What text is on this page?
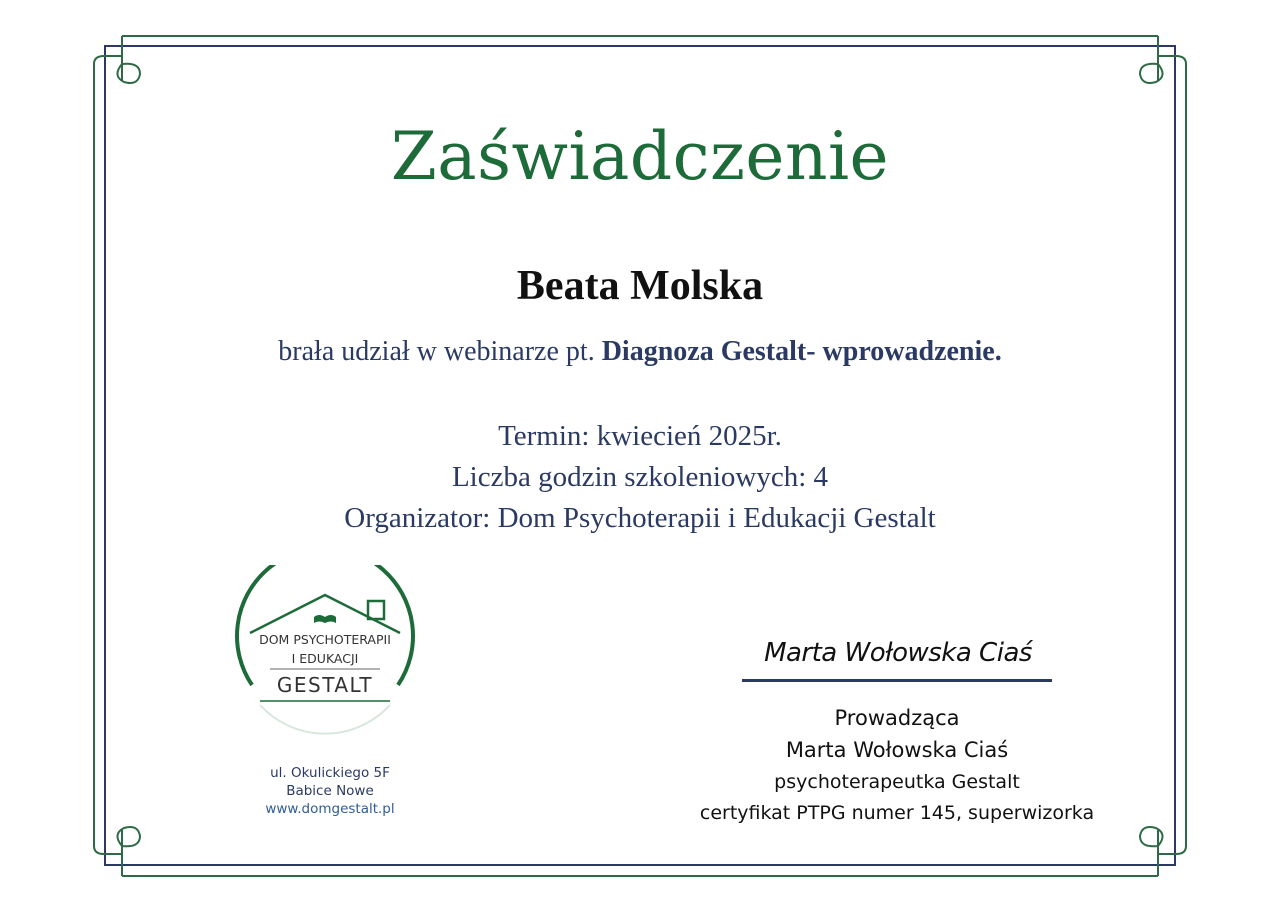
Zaświadczenie
Beata Molska
brała udział w webinarze pt. Diagnoza Gestalt- wprowadzenie.
Termin: kwiecień 2025r.
Liczba godzin szkoleniowych: 4
Organizator: Dom Psychoterapii i Edukacji Gestalt
DOM PSYCHOTERAPII
I EDUKACJI
GESTALT
ul. Okulickiego 5F
Babice Nowe
www.domgestalt.pl
Marta Wołowska Ciaś
Prowadząca
Marta Wołowska Ciaś
psychoterapeutka Gestalt
certyfikat PTPG numer 145, superwizorka
